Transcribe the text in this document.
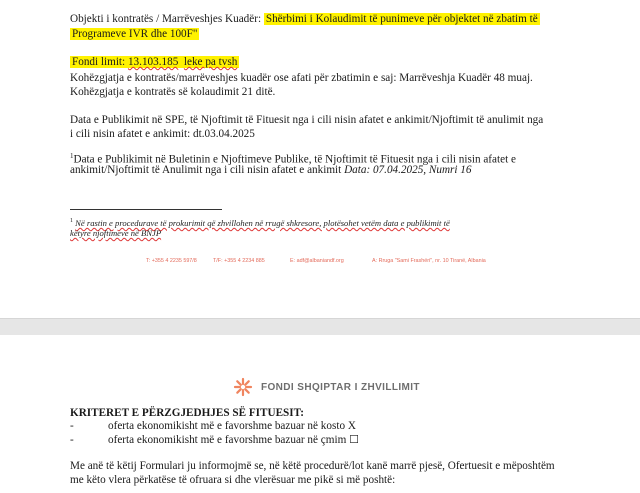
Objekti i kontratës / Marrëveshjes Kuadër: Shërbimi i Kolaudimit të punimeve për objektet në zbatim të
Programeve IVR dhe 100F"
Fondi limit: 13.103.185 leke pa tvsh
Kohëzgjatja e kontratës/marrëveshjes kuadër ose afati për zbatimin e saj: Marrëveshja Kuadër 48 muaj.
Kohëzgjatja e kontratës së kolaudimit 21 ditë.
Data e Publikimit në SPE, të Njoftimit të Fituesit nga i cili nisin afatet e ankimit/Njoftimit të anulimit nga
i cili nisin afatet e ankimit: dt.03.04.2025
$^1$Data e Publikimit në Buletinin e Njoftimeve Publike, të Njoftimit të Fituesit nga i cili nisin afatet e
ankimit/Njoftimit të Anulimit nga i cili nisin afatet e ankimit Data: 07.04.2025, Numri 16
$^1$ Në rastin e procedurave të prokurimit që zhvillohen në rrugë shkresore, plotësohet vetëm data e publikimit të
këtyre njoftimeve në BNJP
T: +355 4 2235 597/8	T/F: +355 4 2234 885	E: adf@albaniandf.org	A: Rruga "Sami Frashëri", nr. 10 Tiranë, Albania
FONDI SHQIPTAR I ZHVILLIMIT
KRITERET E PËRZGJEDHJES SË FITUESIT:
-	oferta ekonomikisht më e favorshme bazuar në kosto X
-	oferta ekonomikisht më e favorshme bazuar në çmim ☐
Me anë të këtij Formulari ju informojmë se, në këtë procedurë/lot kanë marrë pjesë, Ofertuesit e mëposhtëm
me këto vlera përkatëse të ofruara si dhe vlerësuar me pikë si më poshtë:
